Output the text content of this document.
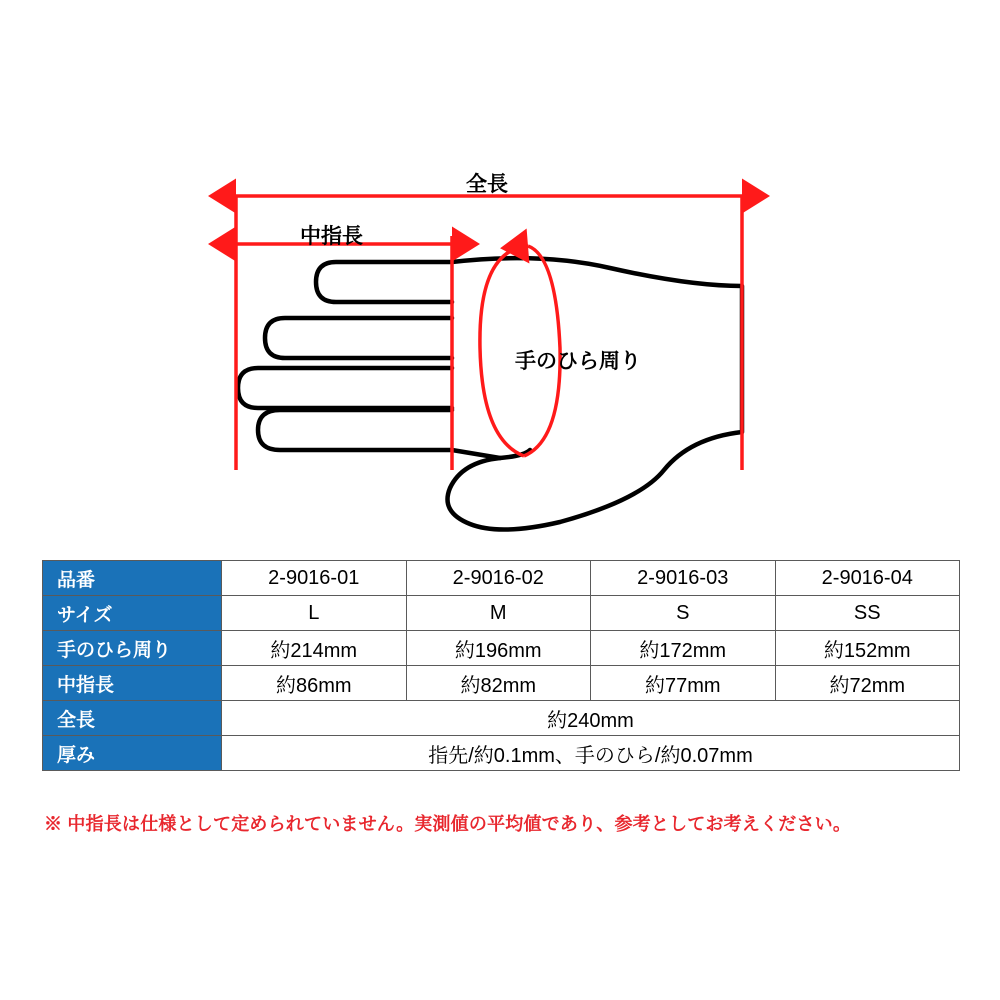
全長
中指長
手のひら周り
品番	2-9016-01	2-9016-02	2-9016-03	2-9016-04
サイズ	L	M	S	SS
手のひら周り	約214mm	約196mm	約172mm	約152mm
中指長	約86mm	約82mm	約77mm	約72mm
全長	約240mm			
厚み	指先/約0.1mm、手のひら/約0.07mm			
※ 中指長は仕様として定められていません。実測値の平均値であり、参考としてお考えください。
